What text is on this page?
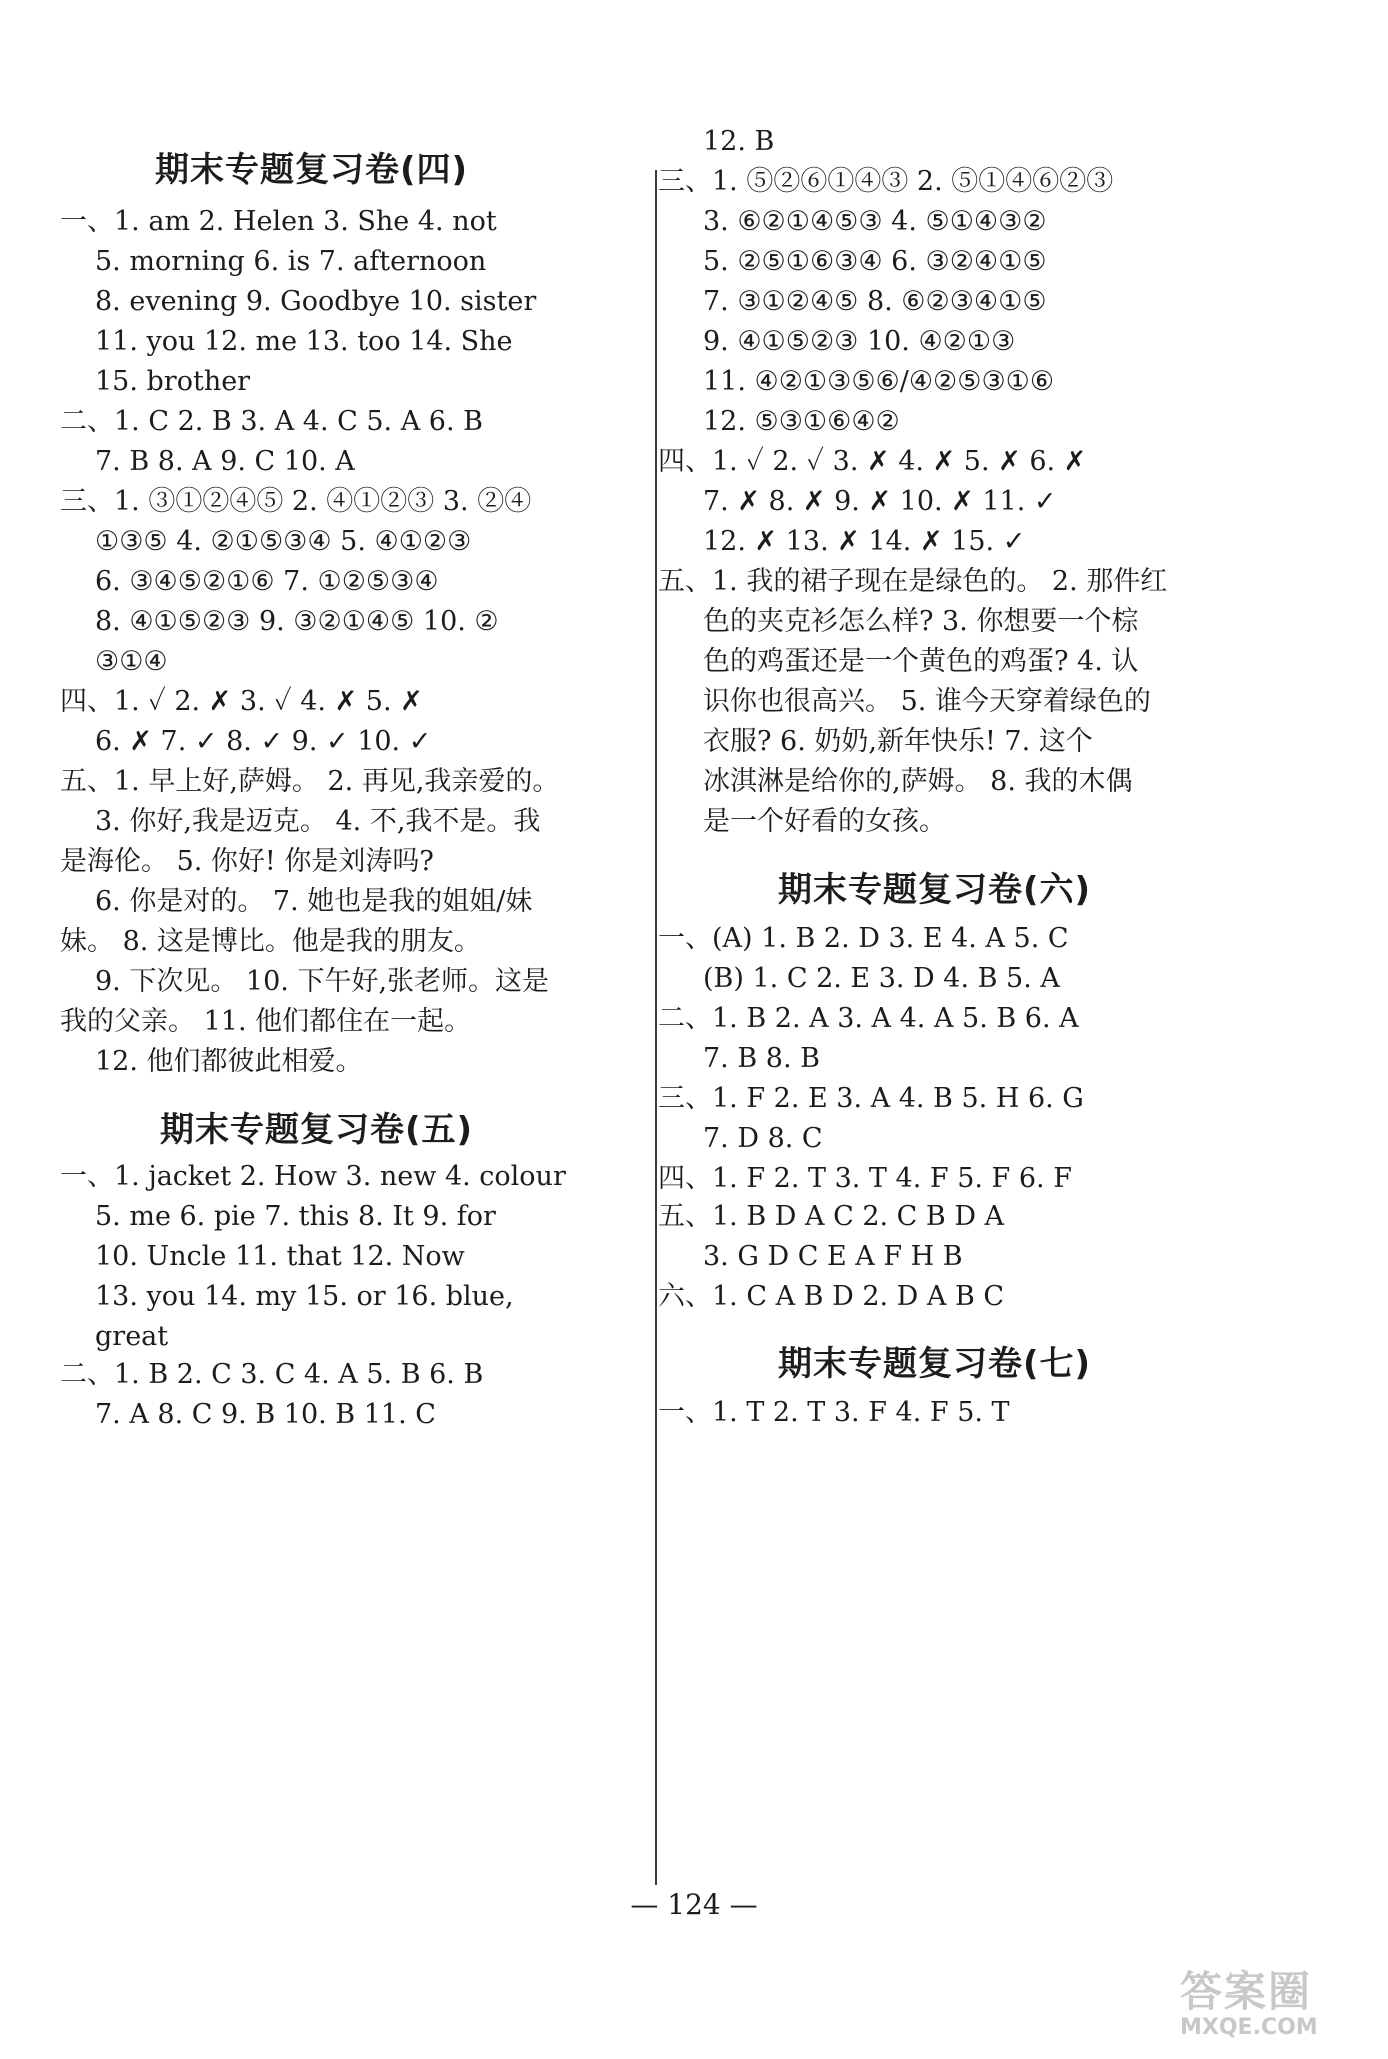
期末专题复习卷(四)
一、1. am 2. Helen 3. She 4. not
5. morning 6. is 7. afternoon
8. evening 9. Goodbye 10. sister
11. you 12. me 13. too 14. She
15. brother
二、1. C 2. B 3. A 4. C 5. A 6. B
7. B 8. A 9. C 10. A
三、1. ③①②④⑤ 2. ④①②③ 3. ②④
①③⑤ 4. ②①⑤③④ 5. ④①②③
6. ③④⑤②①⑥ 7. ①②⑤③④
8. ④①⑤②③ 9. ③②①④⑤ 10. ②
③①④
四、1. ✓ 2. ✗ 3. ✓ 4. ✗ 5. ✗
6. ✗ 7. ✓ 8. ✓ 9. ✓ 10. ✓
五、1. 早上好,萨姆。 2. 再见,我亲爱的。
3. 你好,我是迈克。 4. 不,我不是。我
是海伦。 5. 你好! 你是刘涛吗?
6. 你是对的。 7. 她也是我的姐姐/妹
妹。 8. 这是博比。他是我的朋友。
9. 下次见。 10. 下午好,张老师。这是
我的父亲。 11. 他们都住在一起。
12. 他们都彼此相爱。
期末专题复习卷(五)
一、1. jacket 2. How 3. new 4. colour
5. me 6. pie 7. this 8. It 9. for
10. Uncle 11. that 12. Now
13. you 14. my 15. or 16. blue,
great
二、1. B 2. C 3. C 4. A 5. B 6. B
7. A 8. C 9. B 10. B 11. C
12. B
三、1. ⑤②⑥①④③ 2. ⑤①④⑥②③
3. ⑥②①④⑤③ 4. ⑤①④③②
5. ②⑤①⑥③④ 6. ③②④①⑤
7. ③①②④⑤ 8. ⑥②③④①⑤
9. ④①⑤②③ 10. ④②①③
11. ④②①③⑤⑥/④②⑤③①⑥
12. ⑤③①⑥④②
四、1. ✓ 2. ✓ 3. ✗ 4. ✗ 5. ✗ 6. ✗
7. ✗ 8. ✗ 9. ✗ 10. ✗ 11. ✓
12. ✗ 13. ✗ 14. ✗ 15. ✓
五、1. 我的裙子现在是绿色的。 2. 那件红
色的夹克衫怎么样? 3. 你想要一个棕
色的鸡蛋还是一个黄色的鸡蛋? 4. 认
识你也很高兴。 5. 谁今天穿着绿色的
衣服? 6. 奶奶,新年快乐! 7. 这个
冰淇淋是给你的,萨姆。 8. 我的木偶
是一个好看的女孩。
期末专题复习卷(六)
一、(A) 1. B 2. D 3. E 4. A 5. C
(B) 1. C 2. E 3. D 4. B 5. A
二、1. B 2. A 3. A 4. A 5. B 6. A
7. B 8. B
三、1. F 2. E 3. A 4. B 5. H 6. G
7. D 8. C
四、1. F 2. T 3. T 4. F 5. F 6. F
五、1. B D A C 2. C B D A
3. G D C E A F H B
六、1. C A B D 2. D A B C
期末专题复习卷(七)
一、1. T 2. T 3. F 4. F 5. T
— 124 —
答案圈
MXQE.COM
